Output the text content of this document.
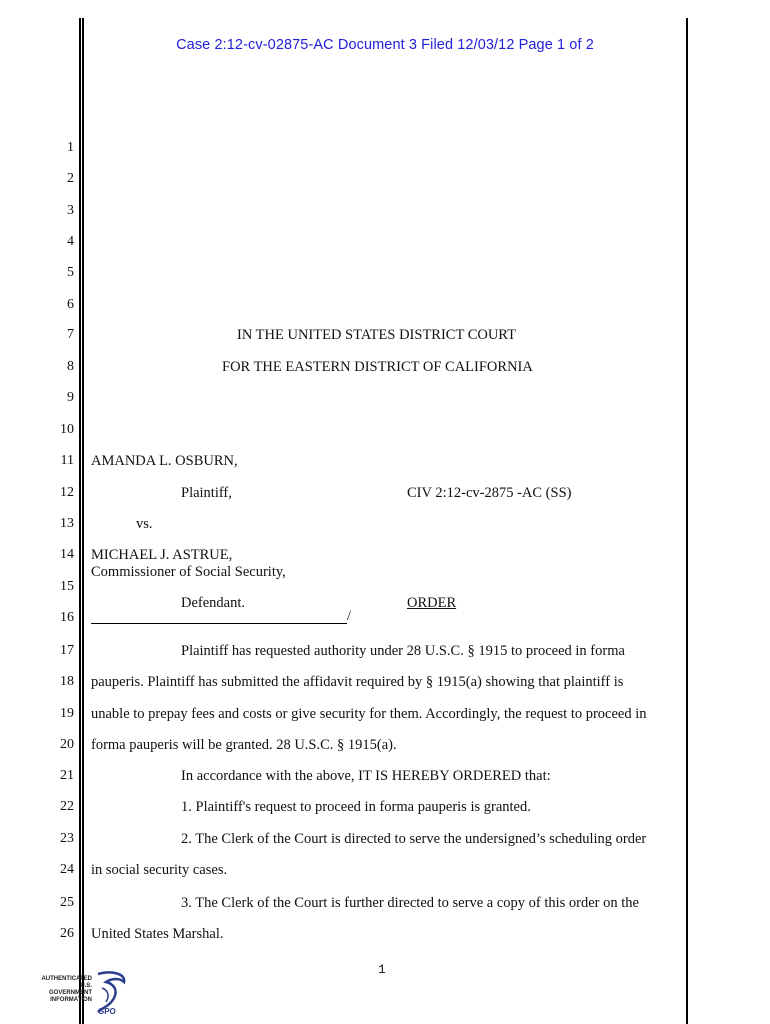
Case 2:12-cv-02875-AC Document 3 Filed 12/03/12 Page 1 of 2
1
2
3
4
5
6
7
8
9
10
11
12
13
14
15
16
17
18
19
20
21
22
23
24
25
26
IN THE UNITED STATES DISTRICT COURT
FOR THE EASTERN DISTRICT OF CALIFORNIA
AMANDA L. OSBURN,
Plaintiff,	CIV 2:12-cv-2875 -AC (SS)
vs.
MICHAEL J. ASTRUE,
Commissioner of Social Security,
Defendant.	ORDER
/
Plaintiff has requested authority under 28 U.S.C. § 1915 to proceed in forma
pauperis. Plaintiff has submitted the affidavit required by § 1915(a) showing that plaintiff is
unable to prepay fees and costs or give security for them. Accordingly, the request to proceed in
forma pauperis will be granted. 28 U.S.C. § 1915(a).
In accordance with the above, IT IS HEREBY ORDERED that:
1. Plaintiff's request to proceed in forma pauperis is granted.
2. The Clerk of the Court is directed to serve the undersigned’s scheduling order
in social security cases.
3. The Clerk of the Court is further directed to serve a copy of this order on the
United States Marshal.
1
AUTHENTICATED
U.S. GOVERNMENT
INFORMATION
GPO
